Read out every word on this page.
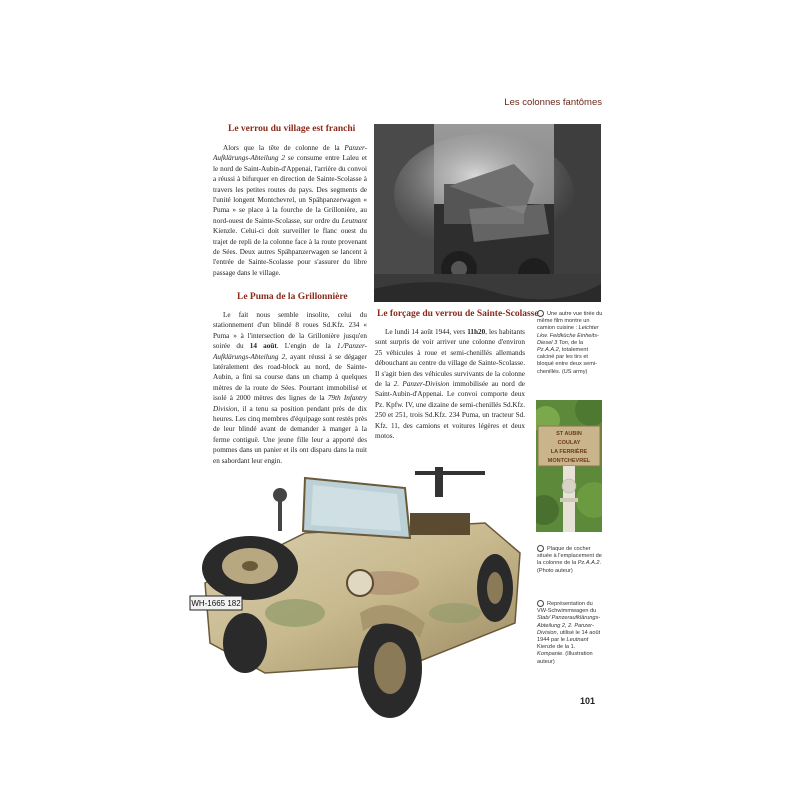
Les colonnes fantômes
Le verrou du village est franchi

Alors que la tête de colonne de la Panzer-Aufklärungs-Abteilung 2 se consume entre Laleu et le nord de Saint-Aubin-d'Appenai, l'arrière du convoi a réussi à bifurquer en direction de Sainte-Scolasse à travers les petites routes du pays. Des segments de l'unité longent Montchevrel, un Spähpanzerwagen « Puma » se place à la fourche de la Grillonière, au nord-ouest de Sainte-Scolasse, sur ordre du Leutnant Kienzle. Celui-ci doit surveiller le flanc ouest du trajet de repli de la colonne face à la route provenant de Sées. Deux autres Spähpanzerwagen se lancent à l'entrée de Sainte-Scolasse pour s'assurer du libre passage dans le village.

Le Puma de la Grillonnière

Le fait nous semble insolite, celui du stationnement d'un blindé 8 roues Sd.Kfz. 234 « Puma » à l'intersection de la Grillonière jusqu'en soirée du 14 août. L'engin de la 1./Panzer-Aufklärungs-Abteilung 2, ayant réussi à se dégager latéralement des road-block au nord, de Sainte-Aubin, a fini sa course dans un champ à quelques mètres de la route de Sées. Pourtant immobilisé et isolé à 2000 mètres des lignes de la 79th Infantry Division, il a tenu sa position pendant près de dix heures. Les cinq membres d'équipage sont restés près de leur blindé avant de demander à manger à la ferme contiguë. Une jeune fille leur a apporté des pommes dans un panier et ils ont disparu dans la nuit en sabordant leur engin.

Le forçage du verrou de Sainte-Scolasse

Le lundi 14 août 1944, vers 11h20, les habitants sont surpris de voir arriver une colonne d'environ 25 véhicules à roue et semi-chenillés allemands débouchant au centre du village de Sainte-Scolasse. Il s'agit bien des véhicules survivants de la colonne de la 2. Panzer-Division immobilisée au nord de Saint-Aubin-d'Appenai. Le convoi comporte deux Pz. Kpfw. IV, une dizaine de semi-chenillés Sd.Kfz. 250 et 251, trois Sd.Kfz. 234 Puma, un tracteur Sd. Kfz. 11, des camions et voitures légères et deux motos.

Une autre vue tirée du même film montre un camion cuisine : Leichter Lkw. Feldküche Einheits-Diesel 3 Ton, de la Pz.A.A.2, totalement calciné par les tirs et bloqué entre deux semi-chenillés. (US army)
ST AUBIN
COULAY
LA FERRIÈRE
MONTCHEVREL
Plaque de cocher située à l'emplacement de la colonne de la Pz.A.A.2. (Photo auteur)
Représentation du VW-Schwimmwagen du Stab/ Panzeraufklärungs-Abteilung 2, 2. Panzer-Division, utilisé le 14 août 1944 par le Leutnant Kienzle de la 1. Kompanie. (Illustration auteur)
WH-1665 182
101
